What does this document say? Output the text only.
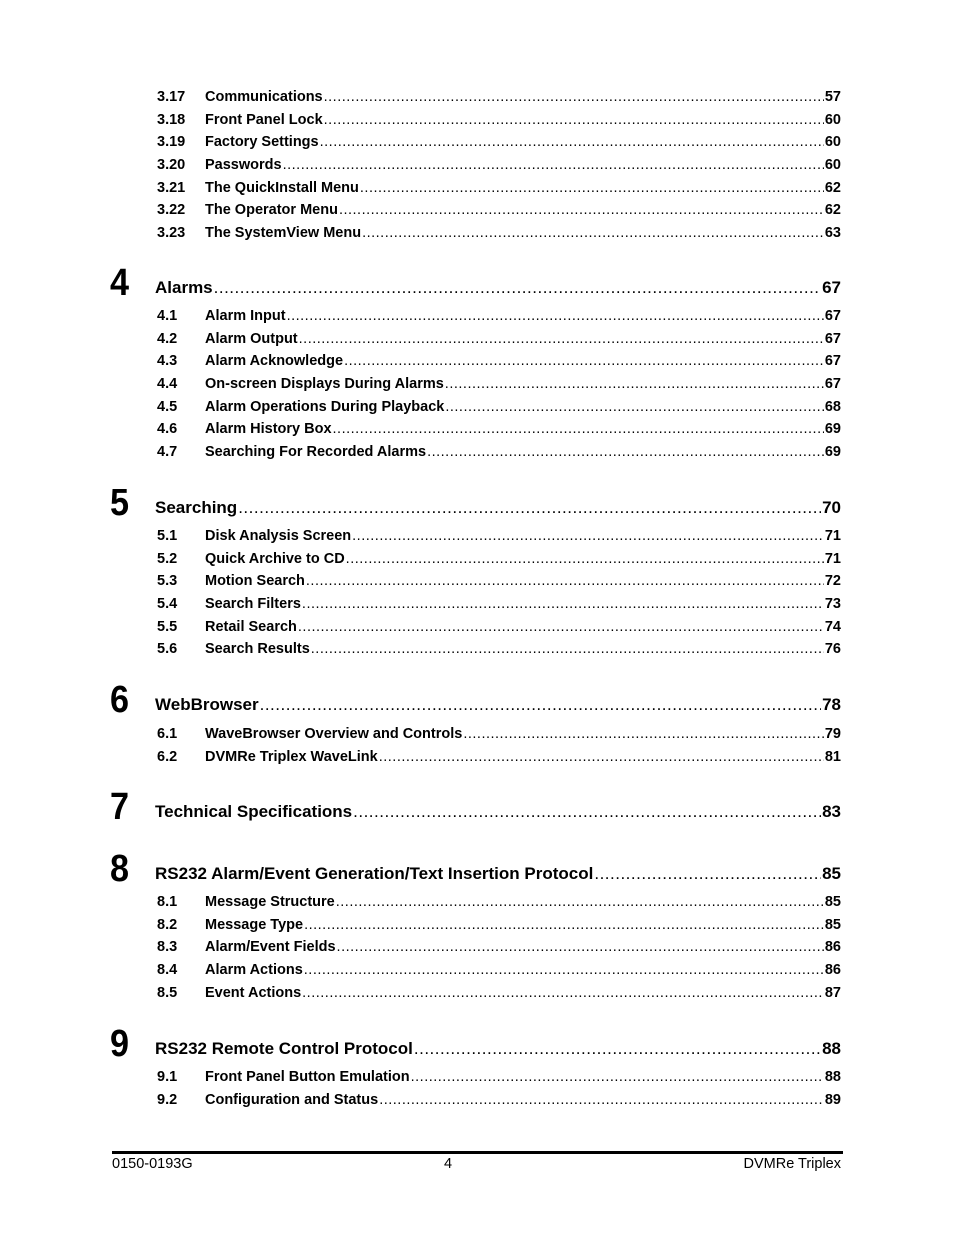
3.17	Communications .....	57
3.18	Front Panel Lock .....	60
3.19	Factory Settings .....	60
3.20	Passwords .....	60
3.21	The QuickInstall Menu .....	62
3.22	The Operator Menu .....	62
3.23	The SystemView Menu .....	63
4 Alarms .....	67
4.1	Alarm Input .....	67
4.2	Alarm Output .....	67
4.3	Alarm Acknowledge .....	67
4.4	On-screen Displays During Alarms .....	67
4.5	Alarm Operations During Playback .....	68
4.6	Alarm History Box .....	69
4.7	Searching For Recorded Alarms .....	69
5 Searching .....	70
5.1	Disk Analysis Screen .....	71
5.2	Quick Archive to CD .....	71
5.3	Motion Search .....	72
5.4	Search Filters .....	73
5.5	Retail Search .....	74
5.6	Search Results .....	76
6 WebBrowser .....	78
6.1	WaveBrowser Overview and Controls .....	79
6.2	DVMRe Triplex WaveLink .....	81
7 Technical Specifications .....	83
8 RS232 Alarm/Event Generation/Text Insertion Protocol .....	85
8.1	Message Structure .....	85
8.2	Message Type .....	85
8.3	Alarm/Event Fields .....	86
8.4	Alarm Actions .....	86
8.5	Event Actions .....	87
9 RS232 Remote Control Protocol .....	88
9.1	Front Panel Button Emulation .....	88
9.2	Configuration and Status .....	89
0150-0193G	4	DVMRe Triplex
